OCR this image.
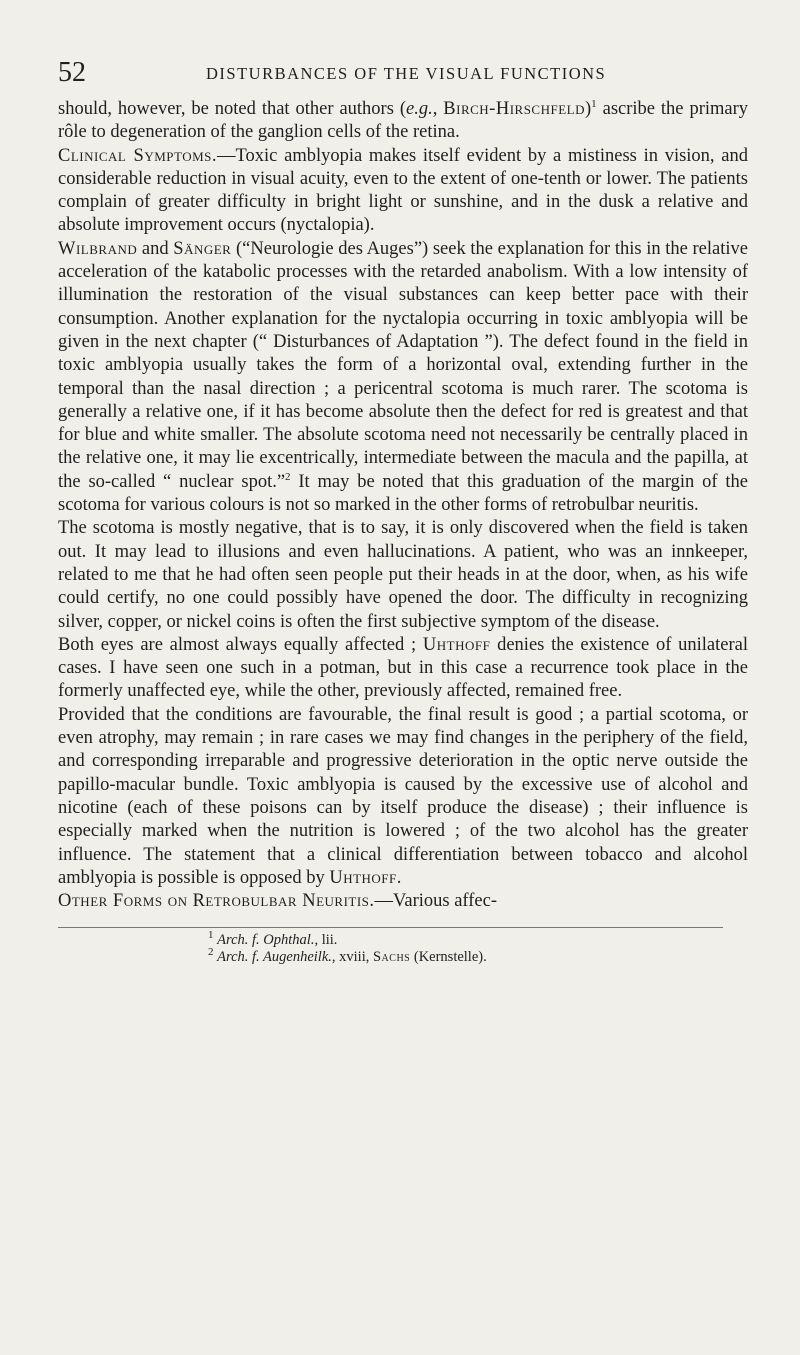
52	DISTURBANCES OF THE VISUAL FUNCTIONS

should, however, be noted that other authors (e.g., Birch-Hirschfeld)$^1$ ascribe the primary rôle to degeneration of the ganglion cells of the retina.

Clinical Symptoms.—Toxic amblyopia makes itself evident by a mistiness in vision, and considerable reduction in visual acuity, even to the extent of one-tenth or lower. The patients complain of greater difficulty in bright light or sunshine, and in the dusk a relative and absolute improvement occurs (nyctalopia).

Wilbrand and Sänger (“Neurologie des Auges”) seek the explanation for this in the relative acceleration of the katabolic processes with the retarded anabolism. With a low intensity of illumination the restoration of the visual substances can keep better pace with their consumption. Another explanation for the nyctalopia occurring in toxic amblyopia will be given in the next chapter (“ Disturbances of Adaptation ”). The defect found in the field in toxic amblyopia usually takes the form of a horizontal oval, extending further in the temporal than the nasal direction ; a pericentral scotoma is much rarer. The scotoma is generally a relative one, if it has become absolute then the defect for red is greatest and that for blue and white smaller. The absolute scotoma need not necessarily be centrally placed in the relative one, it may lie excentrically, intermediate between the macula and the papilla, at the so-called “ nuclear spot.”$^2$ It may be noted that this graduation of the margin of the scotoma for various colours is not so marked in the other forms of retrobulbar neuritis.

The scotoma is mostly negative, that is to say, it is only discovered when the field is taken out. It may lead to illusions and even hallucinations. A patient, who was an innkeeper, related to me that he had often seen people put their heads in at the door, when, as his wife could certify, no one could possibly have opened the door. The difficulty in recognizing silver, copper, or nickel coins is often the first subjective symptom of the disease.

Both eyes are almost always equally affected ; Uhthoff denies the existence of unilateral cases. I have seen one such in a potman, but in this case a recurrence took place in the formerly unaffected eye, while the other, previously affected, remained free.

Provided that the conditions are favourable, the final result is good ; a partial scotoma, or even atrophy, may remain ; in rare cases we may find changes in the periphery of the field, and corresponding irreparable and progressive deterioration in the optic nerve outside the papillo-macular bundle. Toxic amblyopia is caused by the excessive use of alcohol and nicotine (each of these poisons can by itself produce the disease) ; their influence is especially marked when the nutrition is lowered ; of the two alcohol has the greater influence. The statement that a clinical differentiation between tobacco and alcohol amblyopia is possible is opposed by Uhthoff.

Other Forms on Retrobulbar Neuritis.—Various affec-

$^1$ Arch. f. Ophthal., lii.

$^2$ Arch. f. Augenheilk., xviii, Sachs (Kernstelle).
